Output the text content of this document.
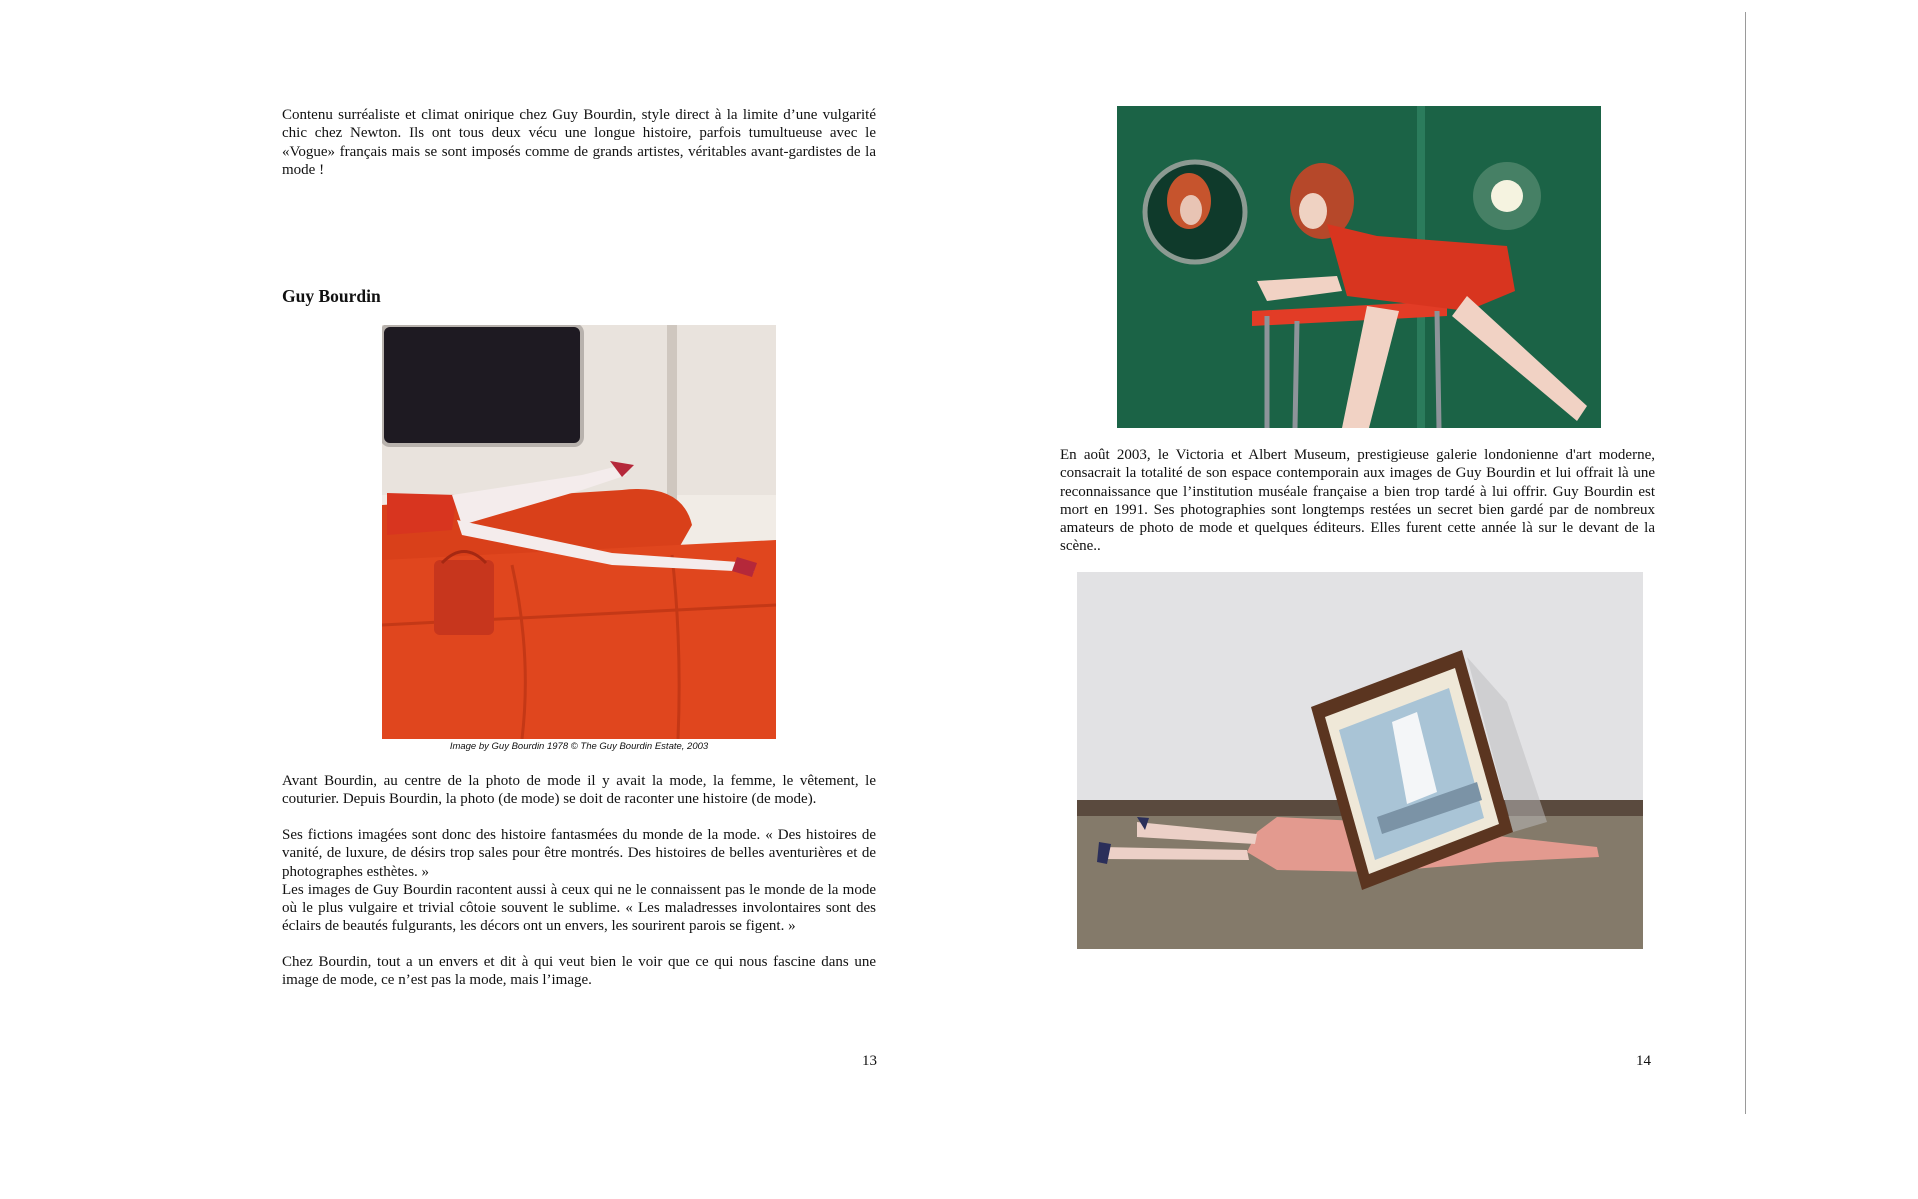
Contenu surréaliste et climat onirique chez Guy Bourdin, style direct à la limite d’une vulgarité chic chez Newton. Ils ont tous deux vécu une longue histoire, parfois tumultueuse avec le «Vogue» français mais se sont imposés comme de grands artistes, véritables avant-gardistes de la mode !

Guy Bourdin
Image by Guy Bourdin 1978 © The Guy Bourdin Estate, 2003

Avant Bourdin, au centre de la photo de mode il y avait la mode, la femme, le vêtement, le couturier. Depuis Bourdin, la photo (de mode) se doit de raconter une histoire (de mode).

Ses fictions imagées sont donc des histoire fantasmées du monde de la mode. « Des histoires de vanité, de luxure, de désirs trop sales pour être montrés. Des histoires de belles aventurières et de photographes esthètes. »
Les images de Guy Bourdin racontent aussi à ceux qui ne le connaissent pas le monde de la mode où le plus vulgaire et trivial côtoie souvent le sublime. « Les maladresses involontaires sont des éclairs de beautés fulgurants, les décors ont un envers, les sourirent parois se figent. »

Chez Bourdin, tout a un envers et dit à qui veut bien le voir que ce qui nous fascine dans une image de mode, ce n’est pas la mode, mais l’image.

13

En août 2003, le Victoria et Albert Museum, prestigieuse galerie londonienne d'art moderne, consacrait la totalité de son espace contemporain aux images de Guy Bourdin et lui offrait là une reconnaissance que l’institution muséale française a bien trop tardé à lui offrir. Guy Bourdin est mort en 1991. Ses photographies sont longtemps restées un secret bien gardé par de nombreux amateurs de photo de mode et quelques éditeurs. Elles furent cette année là sur le devant de la scène..

14
